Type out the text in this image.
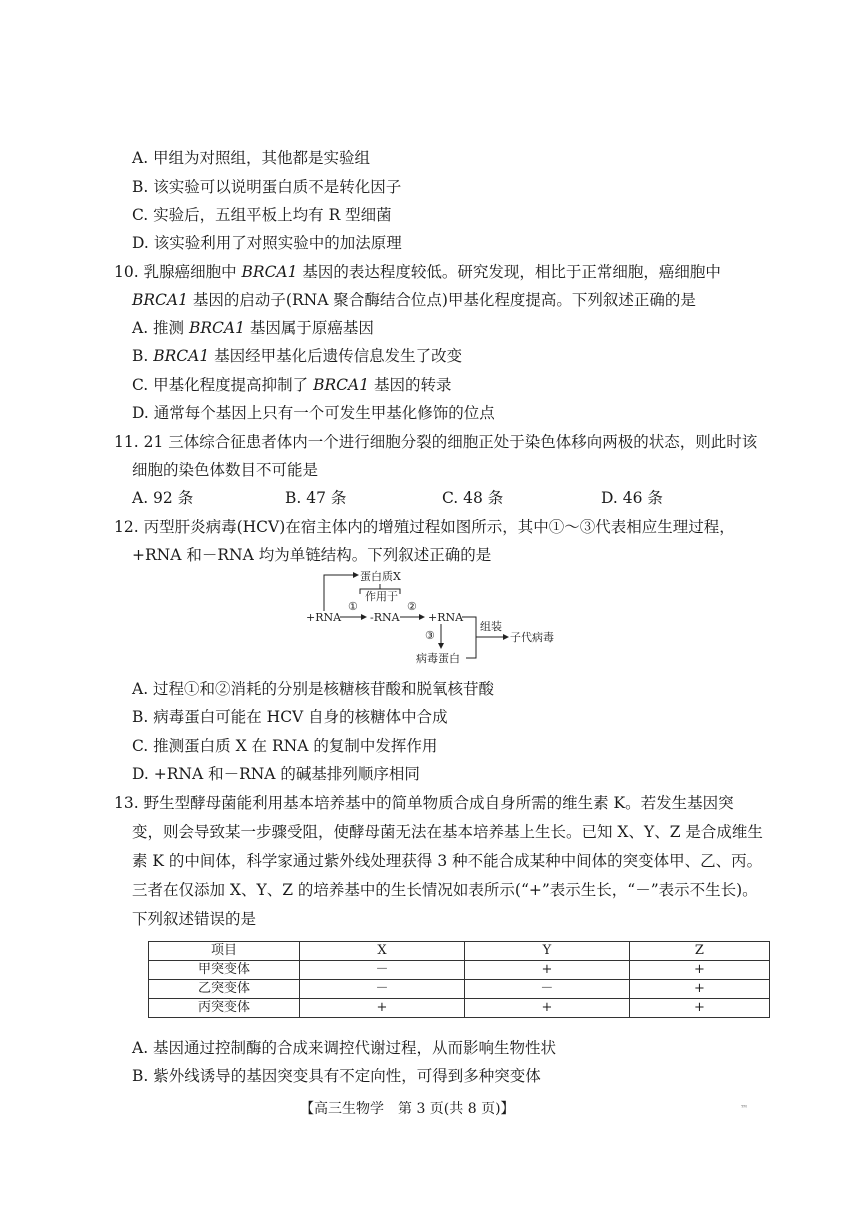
A. 甲组为对照组，其他都是实验组
B. 该实验可以说明蛋白质不是转化因子
C. 实验后，五组平板上均有 R 型细菌
D. 该实验利用了对照实验中的加法原理
10. 乳腺癌细胞中 BRCA1 基因的表达程度较低。研究发现，相比于正常细胞，癌细胞中
BRCA1 基因的启动子(RNA 聚合酶结合位点)甲基化程度提高。下列叙述正确的是
A. 推测 BRCA1 基因属于原癌基因
B. BRCA1 基因经甲基化后遗传信息发生了改变
C. 甲基化程度提高抑制了 BRCA1 基因的转录
D. 通常每个基因上只有一个可发生甲基化修饰的位点
11. 21 三体综合征患者体内一个进行细胞分裂的细胞正处于染色体移向两极的状态，则此时该
细胞的染色体数目不可能是
A. 92 条	B. 47 条	C. 48 条	D. 46 条
12. 丙型肝炎病毒(HCV)在宿主体内的增殖过程如图所示，其中①～③代表相应生理过程，
+RNA 和－RNA 均为单链结构。下列叙述正确的是
蛋白质X
作用于
+RNA
①
-RNA
②
+RNA
③
病毒蛋白
组装
子代病毒
A. 过程①和②消耗的分别是核糖核苷酸和脱氧核苷酸
B. 病毒蛋白可能在 HCV 自身的核糖体中合成
C. 推测蛋白质 X 在 RNA 的复制中发挥作用
D. +RNA 和－RNA 的碱基排列顺序相同
13. 野生型酵母菌能利用基本培养基中的简单物质合成自身所需的维生素 K。若发生基因突
变，则会导致某一步骤受阻，使酵母菌无法在基本培养基上生长。已知 X、Y、Z 是合成维生
素 K 的中间体，科学家通过紫外线处理获得 3 种不能合成某种中间体的突变体甲、乙、丙。
三者在仅添加 X、Y、Z 的培养基中的生长情况如表所示(“+”表示生长，“－”表示不生长)。
下列叙述错误的是
项目	X	Y	Z
甲突变体	－	+	+
乙突变体	－	－	+
丙突变体	+	+	+
A. 基因通过控制酶的合成来调控代谢过程，从而影响生物性状
B. 紫外线诱导的基因突变具有不定向性，可得到多种突变体
【高三生物学　第 3 页(共 8 页)】	™
